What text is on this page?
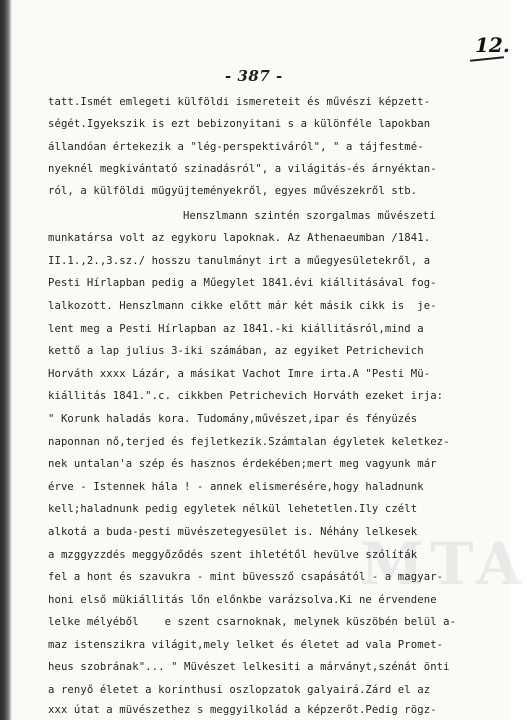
12.
- 387 -
MTA
tatt.Ismét emlegeti külföldi ismereteit és művészi képzett-
ségét.Igyekszik is ezt bebizonyitani s a különféle lapokban
állandóan értekezik a "lég-perspektiváról", " a tájfestmé-
nyeknél megkivántató szinadásról", a világitás-és árnyéktan-
ról, a külföldi mügyüjteményekről, egyes művészekről stb.
Henszlmann szintén szorgalmas művészeti
munkatársa volt az egykoru lapoknak. Az Athenaeumban /1841.
II.1.,2.,3.sz./ hosszu tanulmányt irt a műegyesületekről, a
Pesti Hírlapban pedig a Műegylet 1841.évi kiállitásával fog-
lalkozott. Henszlmann cikke előtt már két másik cikk is  je-
lent meg a Pesti Hírlapban az 1841.-ki kiállitásról,mind a
kettő a lap julius 3-iki számában, az egyiket Petrichevich
Horváth xxxx Lázár, a másikat Vachot Imre irta.A "Pesti Mü-
kiállitás 1841.".c. cikkben Petrichevich Horváth ezeket irja:
" Korunk haladás kora. Tudomány,művészet,ipar és fényüzés
naponnan nő,terjed és fejletkezik.Számtalan égyletek keletkez-
nek untalan'a szép és hasznos érdekében;mert meg vagyunk már
érve - Istennek hála ! - annek elismerésére,hogy haladnunk
kell;haladnunk pedig egyletek nélkül lehetetlen.Ily czélt
alkotá a buda-pesti müvészetegyesület is. Néhány lelkesek
a mzggyzzdés meggyőződés szent ihletétől hevülve szólíták
fel a hont és szavukra - mint büvessző csapásától - a magyar-
honi első mükiállitás lőn előnkbe varázsolva.Ki ne érvendene
lelke mélyéből    e szent csarnoknak, melynek küszöbén belül a-
maz istenszikra világit,mely lelket és életet ad vala Promet-
heus szobrának"... " Müvészet lelkesiti a márványt,szénát önti
a renyő életet a korinthusi oszlopzatok galyairá.Zárd el az
xxx útat a müvészethez s meggyilkolád a képzerőt.Pedig rögz-
